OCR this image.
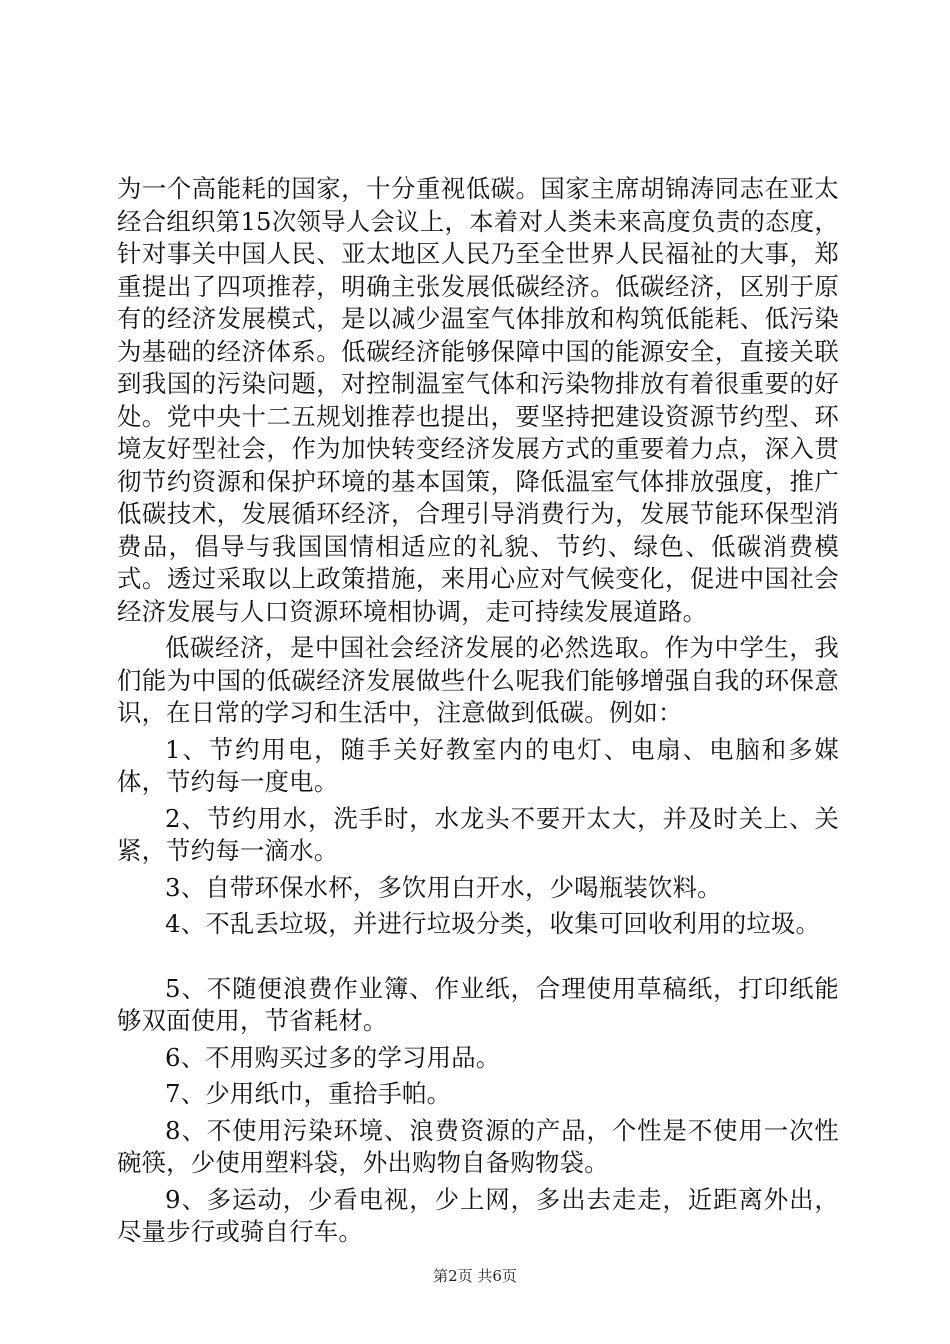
为一个高能耗的国家，十分重视低碳。国家主席胡锦涛同志在亚太经合组织第15次领导人会议上，本着对人类未来高度负责的态度，针对事关中国人民、亚太地区人民乃至全世界人民福祉的大事，郑重提出了四项推荐，明确主张发展低碳经济。低碳经济，区别于原有的经济发展模式，是以减少温室气体排放和构筑低能耗、低污染为基础的经济体系。低碳经济能够保障中国的能源安全，直接关联到我国的污染问题，对控制温室气体和污染物排放有着很重要的好处。党中央十二五规划推荐也提出，要坚持把建设资源节约型、环境友好型社会，作为加快转变经济发展方式的重要着力点，深入贯彻节约资源和保护环境的基本国策，降低温室气体排放强度，推广低碳技术，发展循环经济，合理引导消费行为，发展节能环保型消费品，倡导与我国国情相适应的礼貌、节约、绿色、低碳消费模式。透过采取以上政策措施，来用心应对气候变化，促进中国社会经济发展与人口资源环境相协调，走可持续发展道路。

低碳经济，是中国社会经济发展的必然选取。作为中学生，我们能为中国的低碳经济发展做些什么呢我们能够增强自我的环保意识，在日常的学习和生活中，注意做到低碳。例如：

1、节约用电，随手关好教室内的电灯、电扇、电脑和多媒体，节约每一度电。

2、节约用水，洗手时，水龙头不要开太大，并及时关上、关紧，节约每一滴水。

3、自带环保水杯，多饮用白开水，少喝瓶装饮料。

4、不乱丢垃圾，并进行垃圾分类，收集可回收利用的垃圾。

5、不随便浪费作业簿、作业纸，合理使用草稿纸，打印纸能够双面使用，节省耗材。

6、不用购买过多的学习用品。

7、少用纸巾，重拾手帕。

8、不使用污染环境、浪费资源的产品，个性是不使用一次性碗筷，少使用塑料袋，外出购物自备购物袋。

9、多运动，少看电视，少上网，多出去走走，近距离外出，尽量步行或骑自行车。

第2页 共6页
